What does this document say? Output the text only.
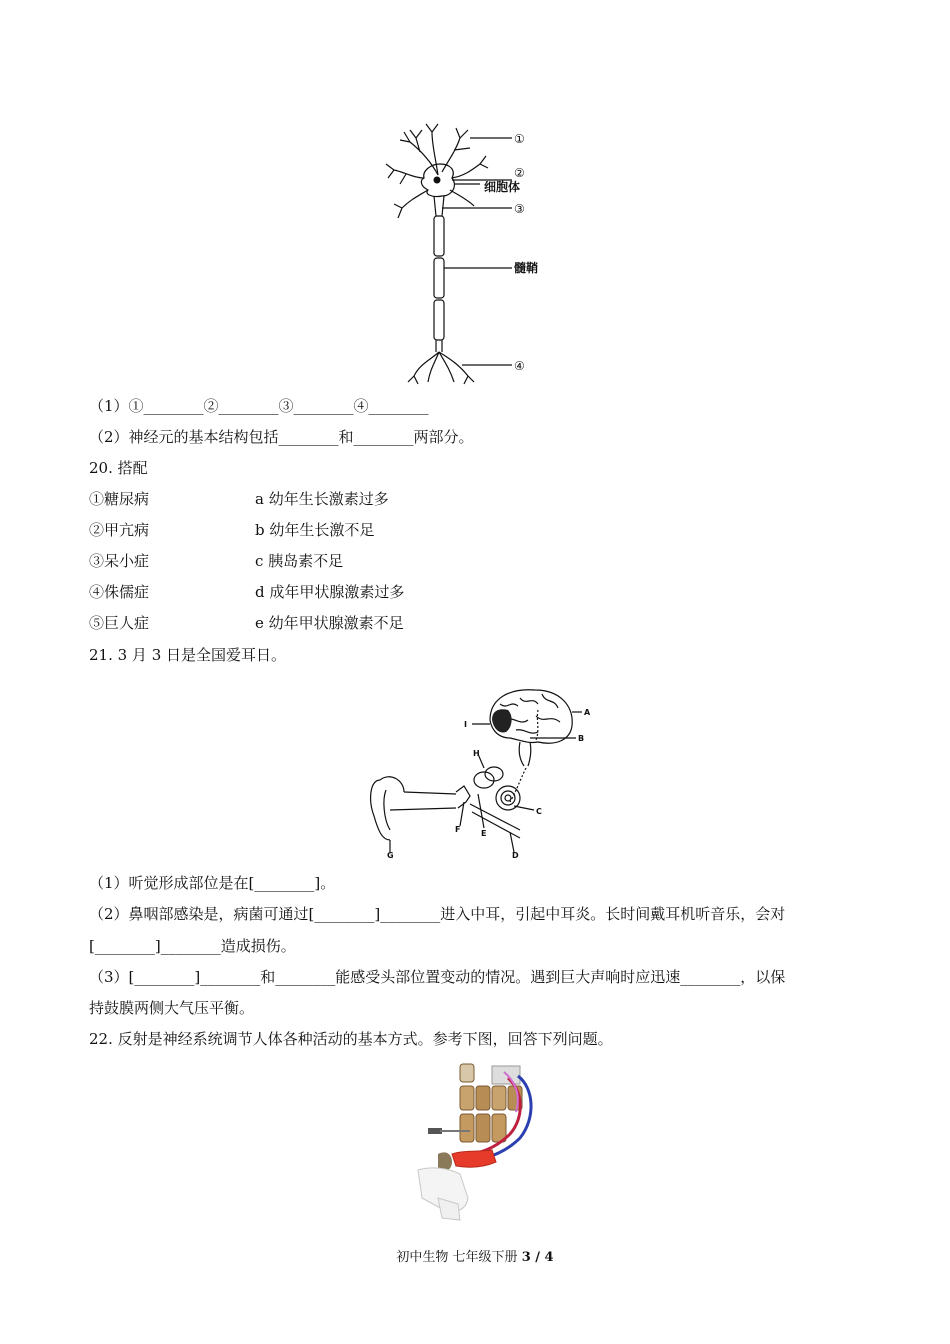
①
②
细胞体
③
髓鞘
④
（1）①________②________③________④________
（2）神经元的基本结构包括________和________两部分。
20. 搭配
①糖尿病	a 幼年生长激素过多
②甲亢病	b 幼年生长激不足
③呆小症	c 胰岛素不足
④侏儒症	d 成年甲状腺激素过多
⑤巨人症	e 幼年甲状腺激素不足
21. 3 月 3 日是全国爱耳日。
A
B
C
D
E
F
G
H
I
（1）听觉形成部位是在[________]。
（2）鼻咽部感染是，病菌可通过[________]________进入中耳，引起中耳炎。长时间戴耳机听音乐，会对
[________]________造成损伤。
（3）[________]________和________能感受头部位置变动的情况。遇到巨大声响时应迅速________，以保
持鼓膜两侧大气压平衡。
22. 反射是神经系统调节人体各种活动的基本方式。参考下图，回答下列问题。
初中生物 七年级下册 3 / 4
